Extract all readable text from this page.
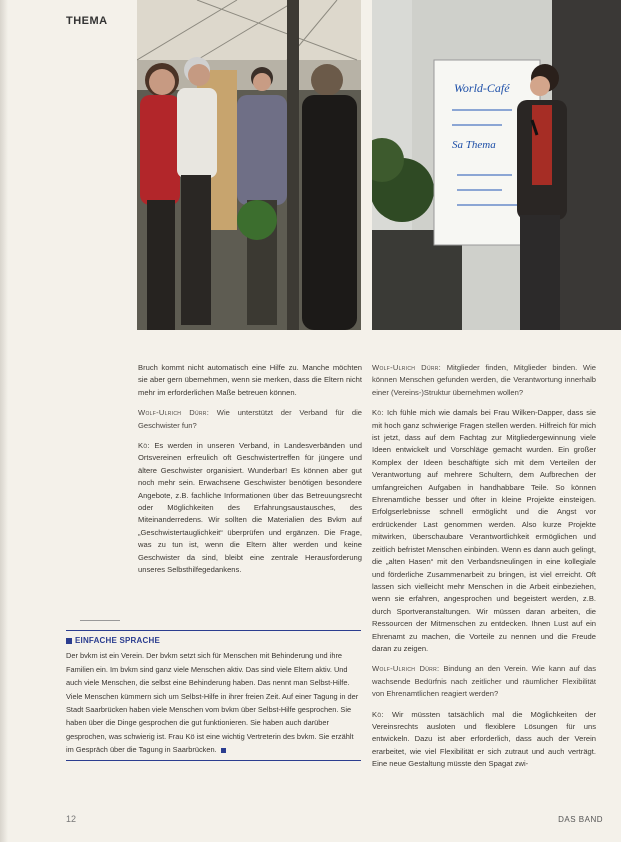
THEMA
World-Café
Sa Thema

Bruch kommt nicht automatisch eine Hilfe zu. Manche möchten sie aber gern übernehmen, wenn sie merken, dass die Eltern nicht mehr im erforderlichen Maße betreuen können.

Wolf-Ulrich Dürr: Wie unterstützt der Verband für die Geschwister fun?

Kö: Es werden in unseren Verband, in Landesverbänden und Ortsvereinen erfreulich oft Geschwistertreffen für jüngere und ältere Geschwister organisiert. Wunderbar! Es können aber gut noch mehr sein. Erwachsene Geschwister benötigen besondere Angebote, z.B. fachliche Informationen über das Betreuungsrecht oder Möglichkeiten des Erfahrungsaustausches, des Miteinanderredens. Wir sollten die Materialien des Bvkm auf „Geschwistertauglichkeit“ überprüfen und ergänzen. Die Frage, was zu tun ist, wenn die Eltern älter werden und keine Geschwister da sind, bleibt eine zentrale Herausforderung unseres Selbsthilfegedankens.

EINFACHE SPRACHE
Der bvkm ist ein Verein. Der bvkm setzt sich für Menschen mit Behinderung und ihre Familien ein. Im bvkm sind ganz viele Menschen aktiv. Das sind viele Eltern aktiv. Und auch viele Menschen, die selbst eine Behinderung haben. Das nennt man Selbst-Hilfe. Viele Menschen kümmern sich um Selbst-Hilfe in ihrer freien Zeit. Auf einer Tagung in der Stadt Saarbrücken haben viele Menschen vom bvkm über Selbst-Hilfe gesprochen. Sie haben über die Dinge gesprochen die gut funktionieren. Sie haben auch darüber gesprochen, was schwierig ist. Frau Kö ist eine wichtig Vertreterin des bvkm. Sie erzählt im Gespräch über die Tagung in Saarbrücken.

Wolf-Ulrich Dürr: Mitglieder finden, Mitglieder binden. Wie können Menschen gefunden werden, die Verantwortung innerhalb einer (Vereins-)Struktur übernehmen wollen?

Kö: Ich fühle mich wie damals bei Frau Wilken-Dapper, dass sie mit hoch ganz schwierige Fragen stellen werden. Hilfreich für mich ist jetzt, dass auf dem Fachtag zur Mitgliedergewinnung viele Ideen entwickelt und Vorschläge gemacht wurden. Ein großer Komplex der Ideen beschäftigte sich mit dem Verteilen der Verantwortung auf mehrere Schultern, dem Aufbrechen der umfangreichen Aufgaben in handhabbare Teile. So können Ehrenamtliche besser und öfter in kleine Projekte einsteigen. Erfolgserlebnisse schnell ermöglicht und die Angst vor erdrückender Last genommen werden. Also kurze Projekte mitwirken, überschaubare Verantwortlichkeit ermöglichen und zeitlich befristet Menschen einbinden. Wenn es dann auch gelingt, die „alten Hasen“ mit den Verbandsneulingen in eine kollegiale und förderliche Zusammenarbeit zu bringen, ist viel erreicht. Oft lassen sich vielleicht mehr Menschen in die Arbeit einbeziehen, wenn sie erfahren, angesprochen und begeistert werden, z.B. durch Sportveranstaltungen. Wir müssen daran arbeiten, die Ressourcen der Mitmenschen zu entdecken. Ihnen Lust auf ein Ehrenamt zu machen, die Vorteile zu nennen und die Freude daran zu zeigen.

Wolf-Ulrich Dürr: Bindung an den Verein. Wie kann auf das wachsende Bedürfnis nach zeitlicher und räumlicher Flexibilität von Ehrenamtlichen reagiert werden?

Kö: Wir müssten tatsächlich mal die Möglichkeiten der Vereinsrechts ausloten und flexiblere Lösungen für uns entwickeln. Dazu ist aber erforderlich, dass auch der Verein erarbeitet, wie viel Flexibilität er sich zutraut und auch verträgt. Eine neue Gestaltung müsste den Spagat zwi-

12	DAS BAND
